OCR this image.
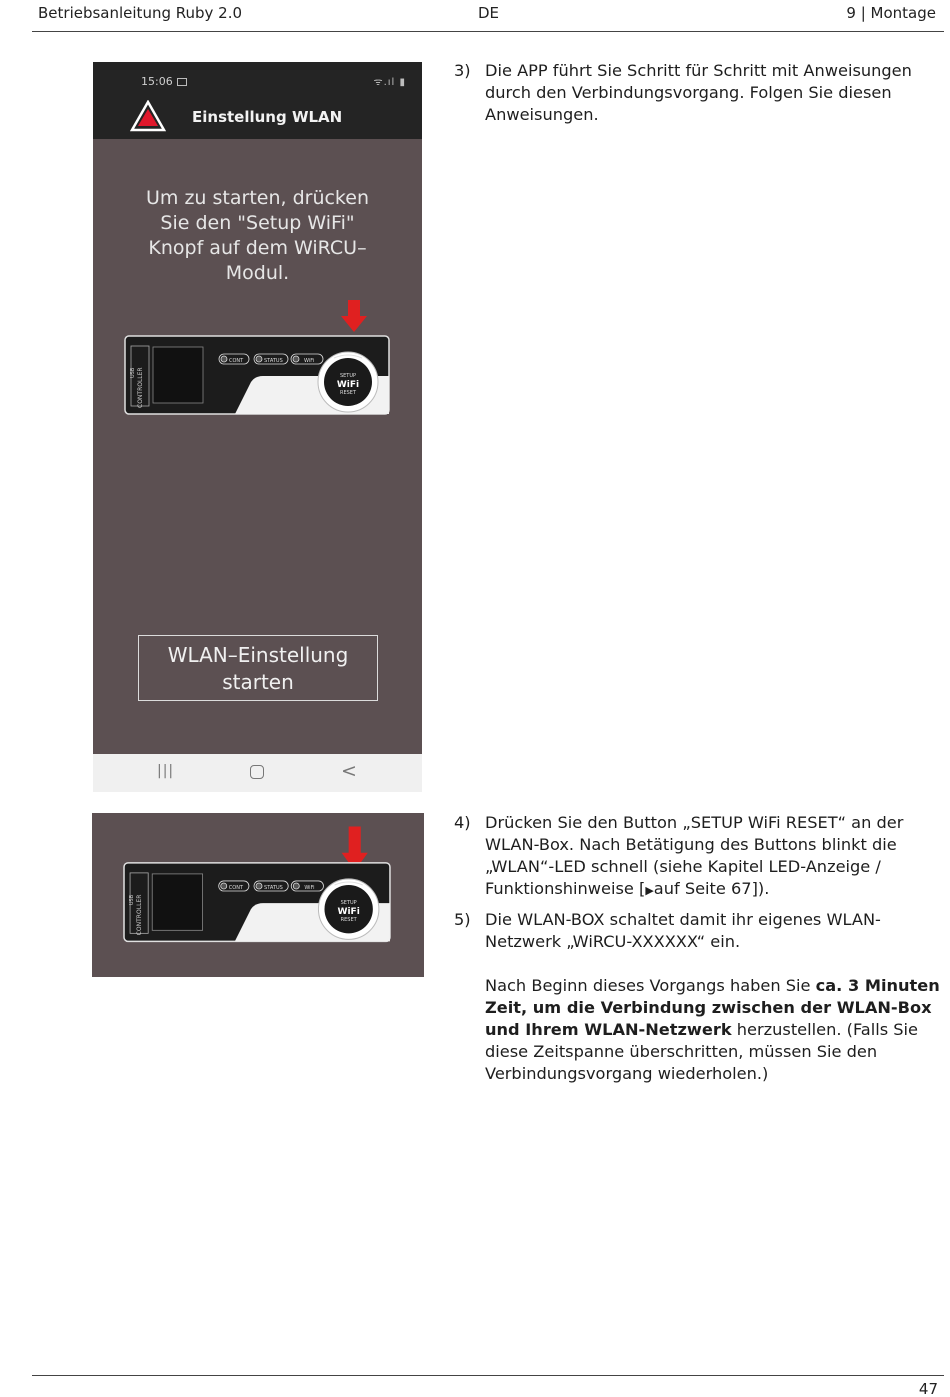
Betriebsanleitung Ruby 2.0	DE	9 | Montage
15:06	ᯤ.ıl ▮
Einstellung WLAN
Um zu starten, drücken
Sie den "Setup WiFi"
Knopf auf dem WiRCU–
Modul.
CONTROLLER
USB
CONT	STATUS	WiFi
SETUP
WiFi
RESET
WLAN–Einstellung
starten
|||	<
CONTROLLER
USB
CONT	STATUS	WiFi
SETUP
WiFi
RESET
3) Die APP führt Sie Schritt für Schritt mit Anweisungen durch den Verbindungsvorgang. Folgen Sie diesen Anweisungen.
4) Drücken Sie den Button „SETUP WiFi RESET“ an der WLAN-Box. Nach Betätigung des Buttons blinkt die „WLAN“-LED schnell (siehe Kapitel LED-Anzeige / Funktionshinweise [▶auf Seite 67]).
5) Die WLAN-BOX schaltet damit ihr eigenes WLAN-Netzwerk „WiRCU-XXXXXX“ ein.
Nach Beginn dieses Vorgangs haben Sie ca. 3 Minuten Zeit, um die Verbindung zwischen der WLAN-Box und Ihrem WLAN-Netzwerk herzustellen. (Falls Sie diese Zeitspanne überschritten, müssen Sie den Verbindungsvorgang wiederholen.)
47
